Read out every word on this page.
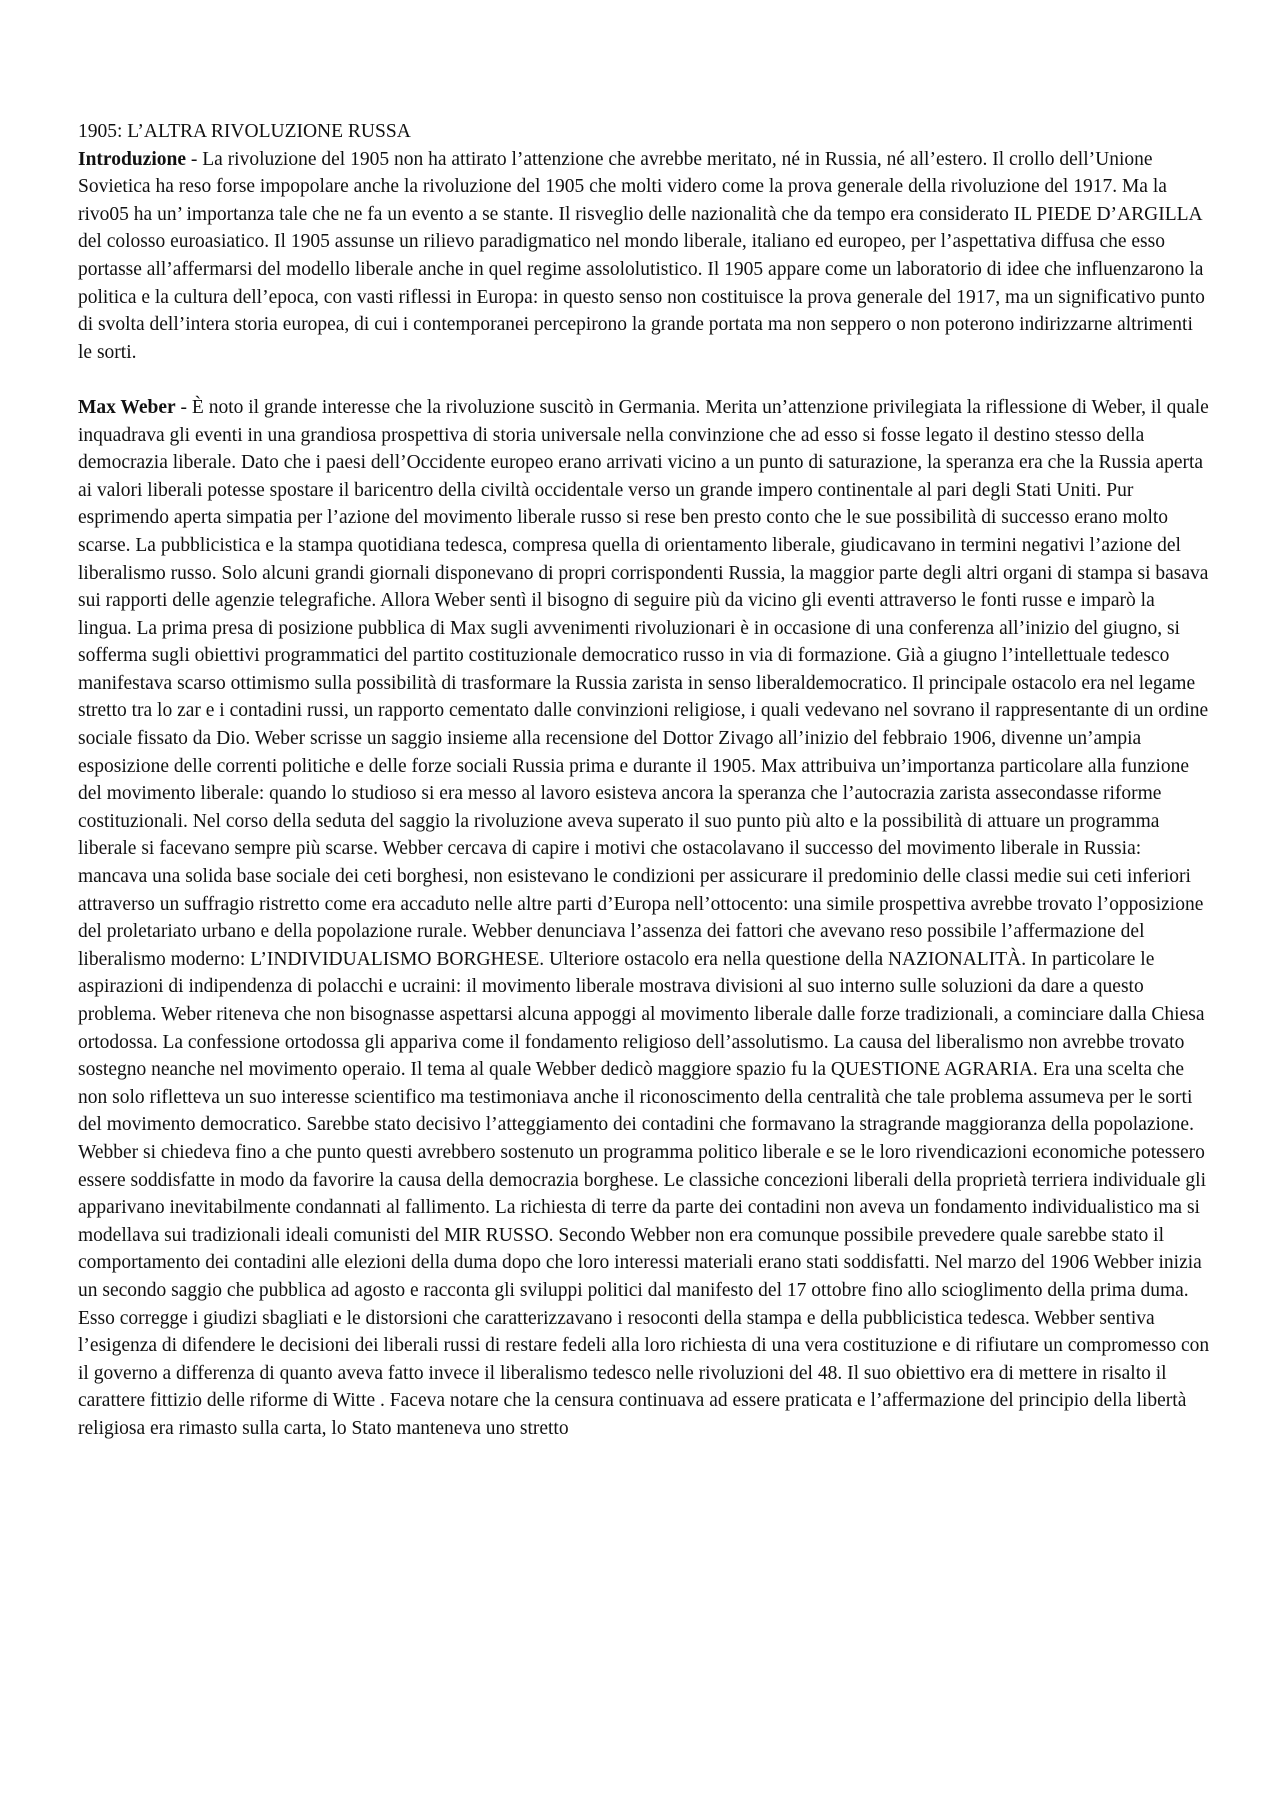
1905: L’ALTRA RIVOLUZIONE RUSSA

Introduzione - La rivoluzione del 1905 non ha attirato l’attenzione che avrebbe meritato, né in Russia, né all’estero. Il crollo dell’Unione Sovietica ha reso forse impopolare anche la rivoluzione del 1905 che molti videro come la prova generale della rivoluzione del 1917. Ma la rivo05 ha un’ importanza tale che ne fa un evento a se stante. Il risveglio delle nazionalità che da tempo era considerato IL PIEDE D’ARGILLA del colosso euroasiatico. Il 1905 assunse un rilievo paradigmatico nel mondo liberale, italiano ed europeo, per l’aspettativa diffusa che esso portasse all’affermarsi del modello liberale anche in quel regime assololutistico. Il 1905 appare come un laboratorio di idee che influenzarono la politica e la cultura dell’epoca, con vasti riflessi in Europa: in questo senso non costituisce la prova generale del 1917, ma un significativo punto di svolta dell’intera storia europea, di cui i contemporanei percepirono la grande portata ma non seppero o non poterono indirizzarne altrimenti le sorti.

Max Weber - È noto il grande interesse che la rivoluzione suscitò in Germania. Merita un’attenzione privilegiata la riflessione di Weber, il quale inquadrava gli eventi in una grandiosa prospettiva di storia universale nella convinzione che ad esso si fosse legato il destino stesso della democrazia liberale. Dato che i paesi dell’Occidente europeo erano arrivati vicino a un punto di saturazione, la speranza era che la Russia aperta ai valori liberali potesse spostare il baricentro della civiltà occidentale verso un grande impero continentale al pari degli Stati Uniti. Pur esprimendo aperta simpatia per l’azione del movimento liberale russo si rese ben presto conto che le sue possibilità di successo erano molto scarse. La pubblicistica e la stampa quotidiana tedesca, compresa quella di orientamento liberale, giudicavano in termini negativi l’azione del liberalismo russo. Solo alcuni grandi giornali disponevano di propri corrispondenti Russia, la maggior parte degli altri organi di stampa si basava sui rapporti delle agenzie telegrafiche. Allora Weber sentì il bisogno di seguire più da vicino gli eventi attraverso le fonti russe e imparò la lingua. La prima presa di posizione pubblica di Max sugli avvenimenti rivoluzionari è in occasione di una conferenza all’inizio del giugno, si sofferma sugli obiettivi programmatici del partito costituzionale democratico russo in via di formazione. Già a giugno l’intellettuale tedesco manifestava scarso ottimismo sulla possibilità di trasformare la Russia zarista in senso liberaldemocratico. Il principale ostacolo era nel legame stretto tra lo zar e i contadini russi, un rapporto cementato dalle convinzioni religiose, i quali vedevano nel sovrano il rappresentante di un ordine sociale fissato da Dio. Weber scrisse un saggio insieme alla recensione del Dottor Zivago all’inizio del febbraio 1906, divenne un’ampia esposizione delle correnti politiche e delle forze sociali Russia prima e durante il 1905. Max attribuiva un’importanza particolare alla funzione del movimento liberale: quando lo studioso si era messo al lavoro esisteva ancora la speranza che l’autocrazia zarista assecondasse riforme costituzionali. Nel corso della seduta del saggio la rivoluzione aveva superato il suo punto più alto e la possibilità di attuare un programma liberale si facevano sempre più scarse. Webber cercava di capire i motivi che ostacolavano il successo del movimento liberale in Russia: mancava una solida base sociale dei ceti borghesi, non esistevano le condizioni per assicurare il predominio delle classi medie sui ceti inferiori attraverso un suffragio ristretto come era accaduto nelle altre parti d’Europa nell’ottocento: una simile prospettiva avrebbe trovato l’opposizione del proletariato urbano e della popolazione rurale. Webber denunciava l’assenza dei fattori che avevano reso possibile l’affermazione del liberalismo moderno: L’INDIVIDUALISMO BORGHESE. Ulteriore ostacolo era nella questione della NAZIONALITÀ. In particolare le aspirazioni di indipendenza di polacchi e ucraini: il movimento liberale mostrava divisioni al suo interno sulle soluzioni da dare a questo problema. Weber riteneva che non bisognasse aspettarsi alcuna appoggi al movimento liberale dalle forze tradizionali, a cominciare dalla Chiesa ortodossa. La confessione ortodossa gli appariva come il fondamento religioso dell’assolutismo. La causa del liberalismo non avrebbe trovato sostegno neanche nel movimento operaio. Il tema al quale Webber dedicò maggiore spazio fu la QUESTIONE AGRARIA. Era una scelta che non solo rifletteva un suo interesse scientifico ma testimoniava anche il riconoscimento della centralità che tale problema assumeva per le sorti del movimento democratico. Sarebbe stato decisivo l’atteggiamento dei contadini che formavano la stragrande maggioranza della popolazione. Webber si chiedeva fino a che punto questi avrebbero sostenuto un programma politico liberale e se le loro rivendicazioni economiche potessero essere soddisfatte in modo da favorire la causa della democrazia borghese. Le classiche concezioni liberali della proprietà terriera individuale gli apparivano inevitabilmente condannati al fallimento. La richiesta di terre da parte dei contadini non aveva un fondamento individualistico ma si modellava sui tradizionali ideali comunisti del MIR RUSSO. Secondo Webber non era comunque possibile prevedere quale sarebbe stato il comportamento dei contadini alle elezioni della duma dopo che loro interessi materiali erano stati soddisfatti. Nel marzo del 1906 Webber inizia un secondo saggio che pubblica ad agosto e racconta gli sviluppi politici dal manifesto del 17 ottobre fino allo scioglimento della prima duma. Esso corregge i giudizi sbagliati e le distorsioni che caratterizzavano i resoconti della stampa e della pubblicistica tedesca. Webber sentiva l’esigenza di difendere le decisioni dei liberali russi di restare fedeli alla loro richiesta di una vera costituzione e di rifiutare un compromesso con il governo a differenza di quanto aveva fatto invece il liberalismo tedesco nelle rivoluzioni del 48. Il suo obiettivo era di mettere in risalto il carattere fittizio delle riforme di Witte . Faceva notare che la censura continuava ad essere praticata e l’affermazione del principio della libertà religiosa era rimasto sulla carta, lo Stato manteneva uno stretto
